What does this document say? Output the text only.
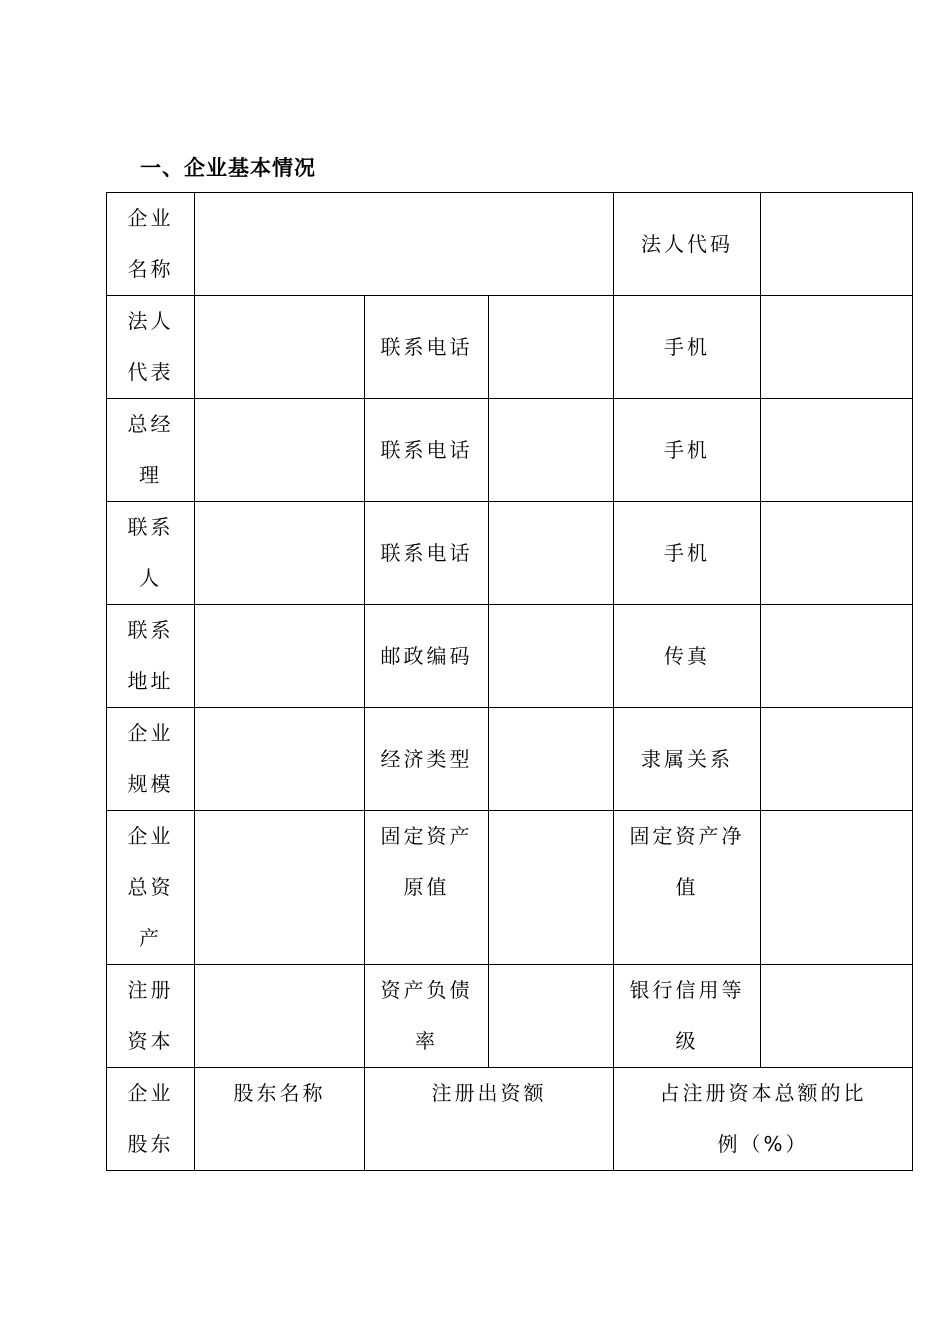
一、企业基本情况
企业名称				法人代码	
法人代表		联系电话		手机	
总经理		联系电话		手机	
联系人		联系电话		手机	
联系地址		邮政编码		传真	
企业规模		经济类型		隶属关系	
企业总资产		固定资产原值		固定资产净值	
注册资本		资产负债率		银行信用等级	
企业股东	股东名称	注册出资额		占注册资本总额的比例（%）	
